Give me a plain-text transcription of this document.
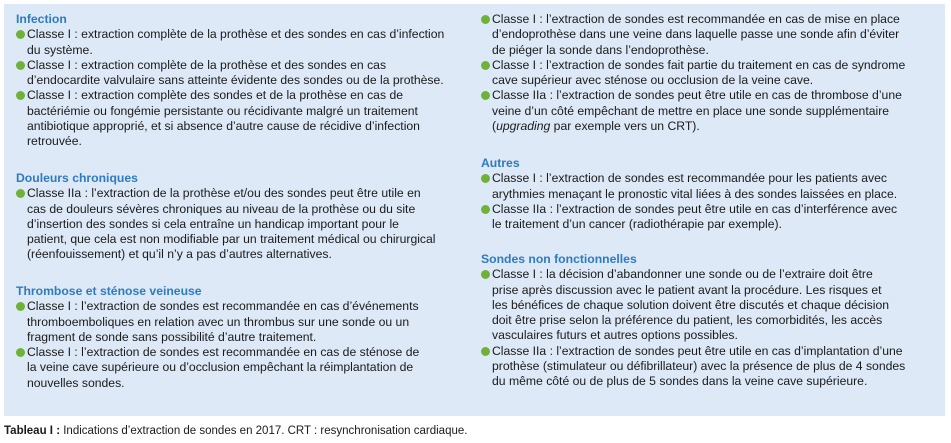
Infection
Classe I : extraction complète de la prothèse et des sondes en cas d’infection
du système.
Classe I : extraction complète de la prothèse et des sondes en cas
d’endocardite valvulaire sans atteinte évidente des sondes ou de la prothèse.
Classe I : extraction complète des sondes et de la prothèse en cas de
bactériémie ou fongémie persistante ou récidivante malgré un traitement
antibiotique approprié, et si absence d’autre cause de récidive d’infection
retrouvée.
Douleurs chroniques
Classe IIa : l’extraction de la prothèse et/ou des sondes peut être utile en
cas de douleurs sévères chroniques au niveau de la prothèse ou du site
d’insertion des sondes si cela entraîne un handicap important pour le
patient, que cela est non modifiable par un traitement médical ou chirurgical
(réenfouissement) et qu’il n’y a pas d’autres alternatives.
Thrombose et sténose veineuse
Classe I : l’extraction de sondes est recommandée en cas d’événements
thromboemboliques en relation avec un thrombus sur une sonde ou un
fragment de sonde sans possibilité d’autre traitement.
Classe I : l’extraction de sondes est recommandée en cas de sténose de
la veine cave supérieure ou d’occlusion empêchant la réimplantation de
nouvelles sondes.
Classe I : l’extraction de sondes est recommandée en cas de mise en place
d’endoprothèse dans une veine dans laquelle passe une sonde afin d’éviter
de piéger la sonde dans l’endoprothèse.
Classe I : l’extraction de sondes fait partie du traitement en cas de syndrome
cave supérieur avec sténose ou occlusion de la veine cave.
Classe IIa : l’extraction de sondes peut être utile en cas de thrombose d’une
veine d’un côté empêchant de mettre en place une sonde supplémentaire
(upgrading par exemple vers un CRT).
Autres
Classe I : l’extraction de sondes est recommandée pour les patients avec
arythmies menaçant le pronostic vital liées à des sondes laissées en place.
Classe IIa : l’extraction de sondes peut être utile en cas d’interférence avec
le traitement d’un cancer (radiothérapie par exemple).
Sondes non fonctionnelles
Classe I : la décision d’abandonner une sonde ou de l’extraire doit être
prise après discussion avec le patient avant la procédure. Les risques et
les bénéfices de chaque solution doivent être discutés et chaque décision
doit être prise selon la préférence du patient, les comorbidités, les accès
vasculaires futurs et autres options possibles.
Classe IIa : l’extraction de sondes peut être utile en cas d’implantation d’une
prothèse (stimulateur ou défibrillateur) avec la présence de plus de 4 sondes
du même côté ou de plus de 5 sondes dans la veine cave supérieure.
Tableau I : Indications d’extraction de sondes en 2017. CRT : resynchronisation cardiaque.
